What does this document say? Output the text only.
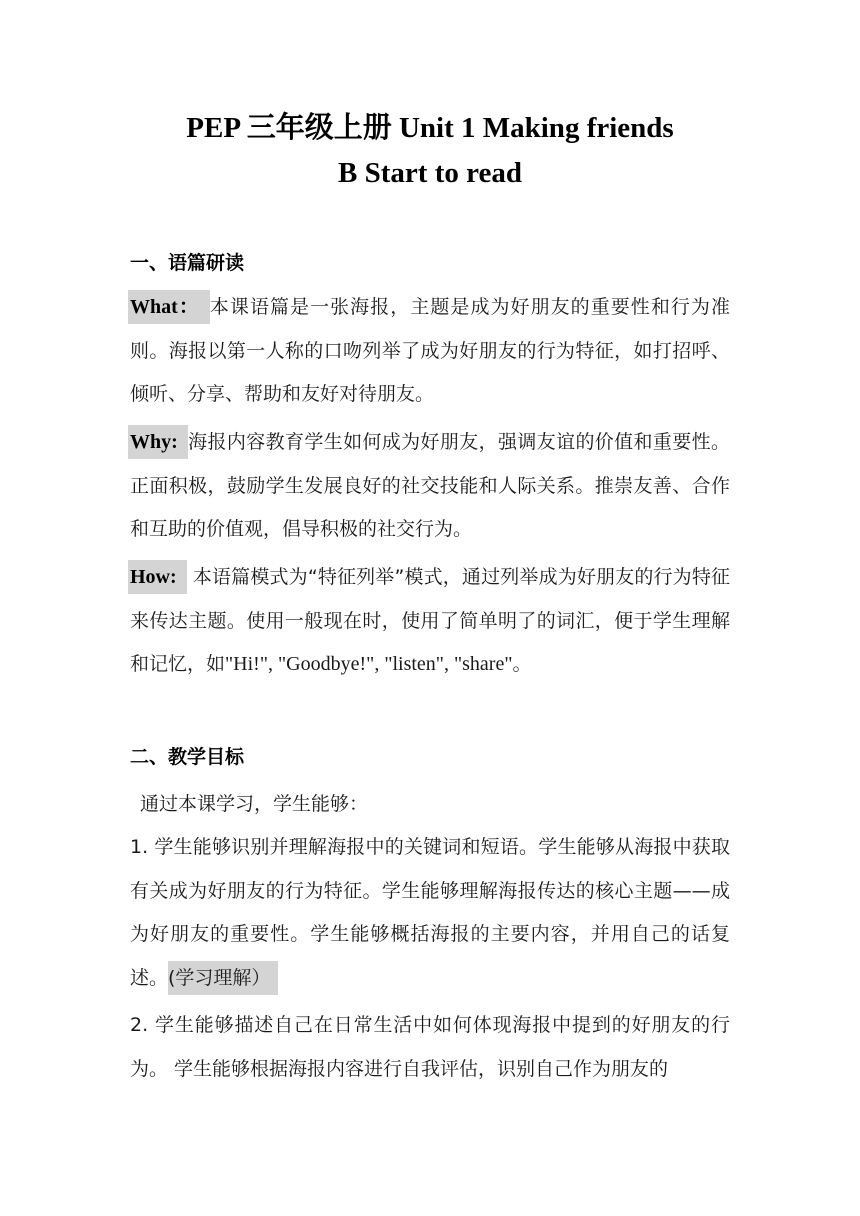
PEP 三年级上册 Unit 1 Making friends
B Start to read
一、语篇研读
What： 本课语篇是一张海报，主题是成为好朋友的重要性和行为准则。海报以第一人称的口吻列举了成为好朋友的行为特征，如打招呼、倾听、分享、帮助和友好对待朋友。
Why: 海报内容教育学生如何成为好朋友，强调友谊的价值和重要性。正面积极，鼓励学生发展良好的社交技能和人际关系。推崇友善、合作和互助的价值观，倡导积极的社交行为。
How: 本语篇模式为“特征列举”模式，通过列举成为好朋友的行为特征来传达主题。使用一般现在时，使用了简单明了的词汇，便于学生理解和记忆，如"Hi!", "Goodbye!", "listen", "share"。
二、教学目标
通过本课学习，学生能够：
1. 学生能够识别并理解海报中的关键词和短语。学生能够从海报中获取有关成为好朋友的行为特征。学生能够理解海报传达的核心主题——成为好朋友的重要性。学生能够概括海报的主要内容，并用自己的话复述。(学习理解）
2. 学生能够描述自己在日常生活中如何体现海报中提到的好朋友的行为。 学生能够根据海报内容进行自我评估，识别自己作为朋友的
